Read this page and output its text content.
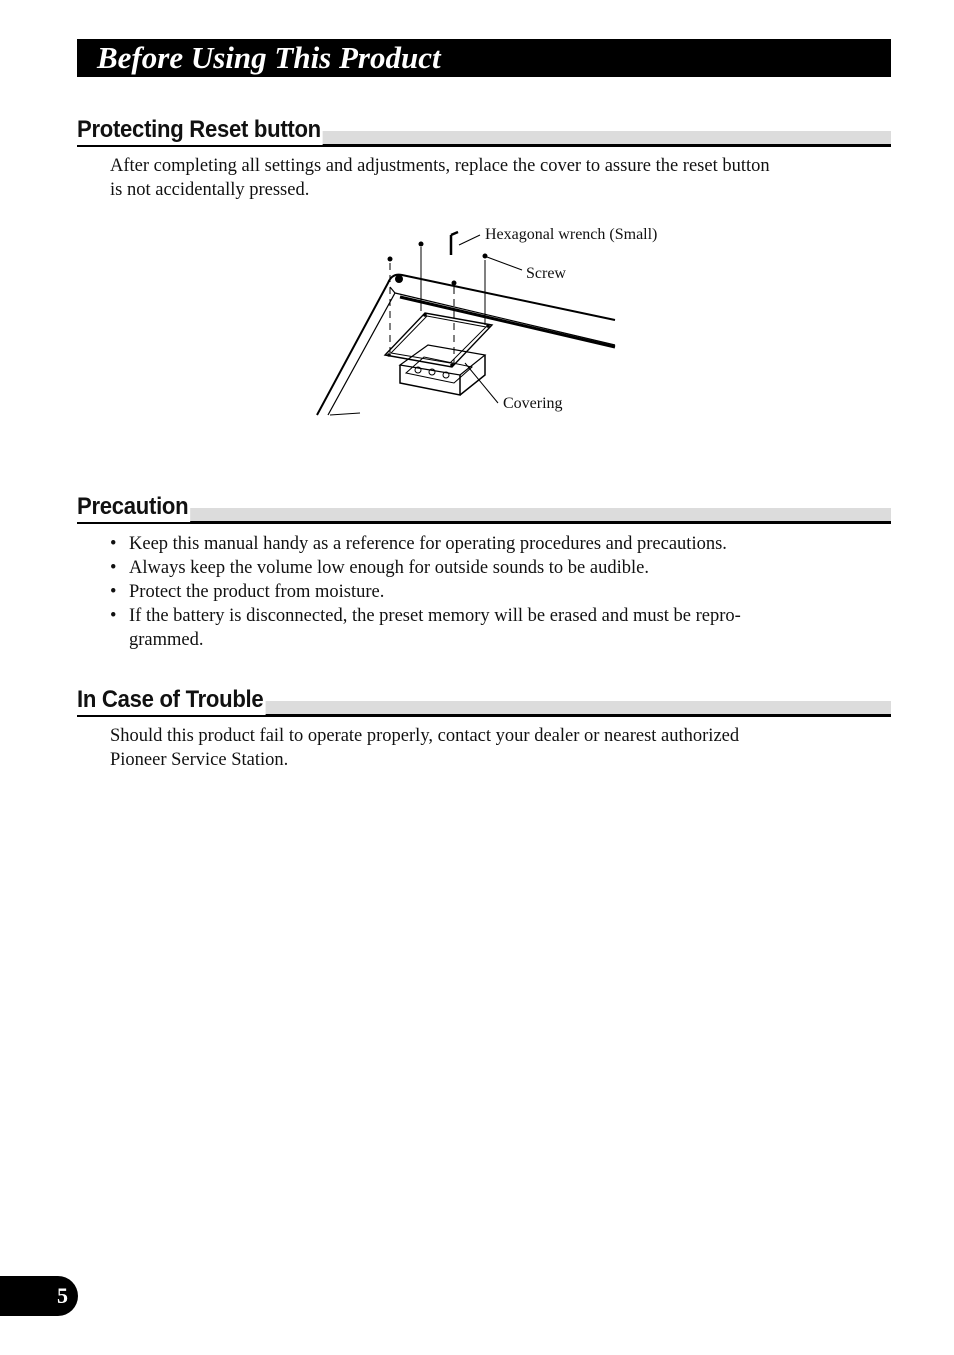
Before Using This Product
Protecting Reset button
After completing all settings and adjustments, replace the cover to assure the reset button
is not accidentally pressed.
Hexagonal wrench (Small)
Screw
Covering
Precaution
• Keep this manual handy as a reference for operating procedures and precautions.
• Always keep the volume low enough for outside sounds to be audible.
• Protect the product from moisture.
• If the battery is disconnected, the preset memory will be erased and must be repro-grammed.
In Case of Trouble
Should this product fail to operate properly, contact your dealer or nearest authorized
Pioneer Service Station.
5
